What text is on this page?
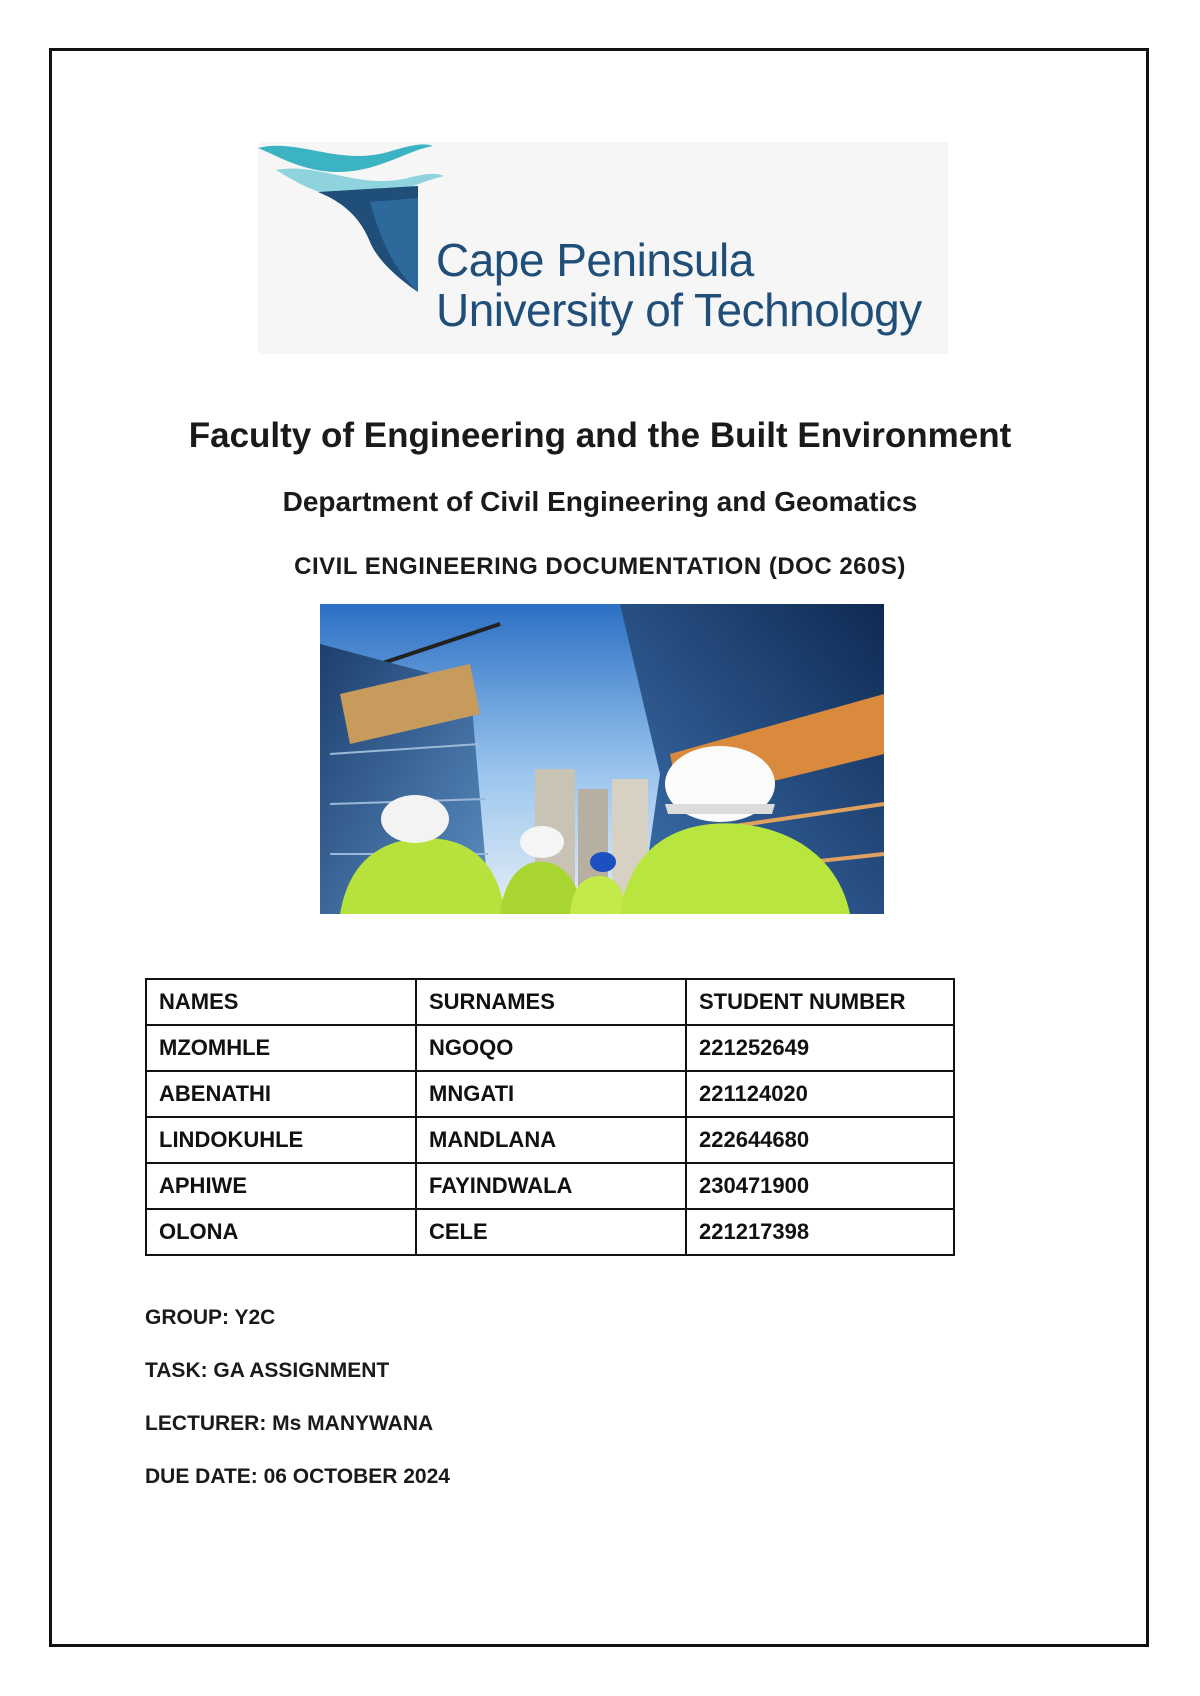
Cape Peninsula
University of Technology
Faculty of Engineering and the Built Environment
Department of Civil Engineering and Geomatics
CIVIL ENGINEERING DOCUMENTATION (DOC 260S)
NAMES	SURNAMES	STUDENT NUMBER
MZOMHLE	NGOQO	221252649
ABENATHI	MNGATI	221124020
LINDOKUHLE	MANDLANA	222644680
APHIWE	FAYINDWALA	230471900
OLONA	CELE	221217398
GROUP: Y2C
TASK: GA ASSIGNMENT
LECTURER: Ms MANYWANA
DUE DATE: 06 OCTOBER 2024
